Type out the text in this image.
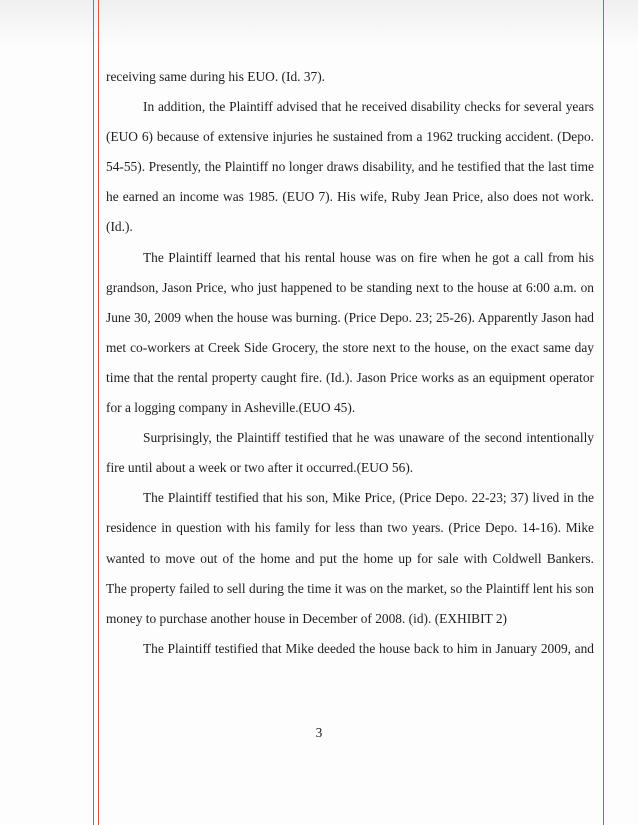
receiving same during his EUO. (Id. 37).
In addition, the Plaintiff advised that he received disability checks for several years
(EUO 6) because of extensive injuries he sustained from a 1962 trucking accident. (Depo.
54-55). Presently, the Plaintiff no longer draws disability, and he testified that the last time
he earned an income was 1985. (EUO 7). His wife, Ruby Jean Price, also does not work.
(Id.).
The Plaintiff learned that his rental house was on fire when he got a call from his
grandson, Jason Price, who just happened to be standing next to the house at 6:00 a.m. on
June 30, 2009 when the house was burning. (Price Depo. 23; 25-26). Apparently Jason had
met co-workers at Creek Side Grocery, the store next to the house, on the exact same day
time that the rental property caught fire. (Id.). Jason Price works as an equipment operator
for a logging company in Asheville.(EUO 45).
Surprisingly, the Plaintiff testified that he was unaware of the second intentionally
fire until about a week or two after it occurred.(EUO 56).
The Plaintiff testified that his son, Mike Price, (Price Depo. 22-23; 37) lived in the
residence in question with his family for less than two years. (Price Depo. 14-16). Mike
wanted to move out of the home and put the home up for sale with Coldwell Bankers.
The property failed to sell during the time it was on the market, so the Plaintiff lent his son
money to purchase another house in December of 2008. (id). (EXHIBIT 2)
The Plaintiff testified that Mike deeded the house back to him in January 2009, and
3
